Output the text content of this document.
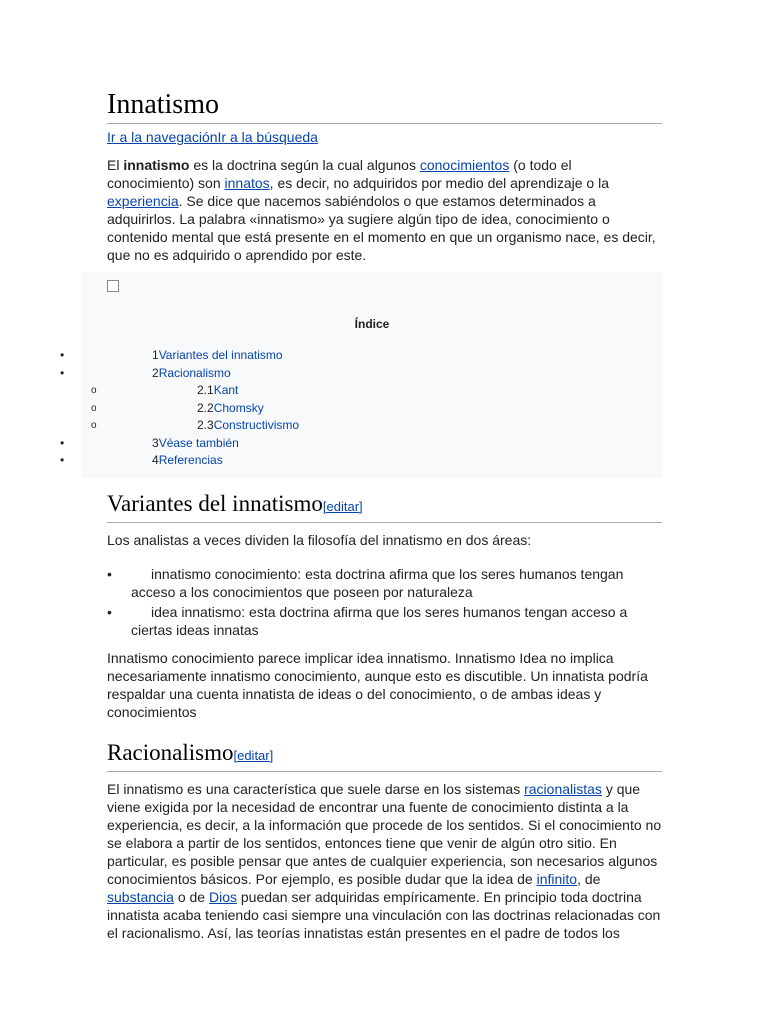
Innatismo
Ir a la navegaciónIr a la búsqueda

El innatismo es la doctrina según la cual algunos conocimientos (o todo el conocimiento) son innatos, es decir, no adquiridos por medio del aprendizaje o la experiencia. Se dice que nacemos sabiéndolos o que estamos determinados a adquirirlos. La palabra «innatismo» ya sugiere algún tipo de idea, conocimiento o contenido mental que está presente en el momento en que un organismo nace, es decir, que no es adquirido o aprendido por este.

Índice
•	1Variantes del innatismo
•	2Racionalismo
o	2.1Kant
o	2.2Chomsky
o	2.3Constructivismo
•	3Véase también
•	4Referencias
Variantes del innatismo[editar]

Los analistas a veces dividen la filosofía del innatismo en dos áreas:

•	innatismo conocimiento: esta doctrina afirma que los seres humanos tengan acceso a los conocimientos que poseen por naturaleza
•	idea innatismo: esta doctrina afirma que los seres humanos tengan acceso a ciertas ideas innatas

Innatismo conocimiento parece implicar idea innatismo. Innatismo Idea no implica necesariamente innatismo conocimiento, aunque esto es discutible. Un innatista podría respaldar una cuenta innatista de ideas o del conocimiento, o de ambas ideas y conocimientos

Racionalismo[editar]

El innatismo es una característica que suele darse en los sistemas racionalistas y que viene exigida por la necesidad de encontrar una fuente de conocimiento distinta a la experiencia, es decir, a la información que procede de los sentidos. Si el conocimiento no se elabora a partir de los sentidos, entonces tiene que venir de algún otro sitio. En particular, es posible pensar que antes de cualquier experiencia, son necesarios algunos conocimientos básicos. Por ejemplo, es posible dudar que la idea de infinito, de substancia o de Dios puedan ser adquiridas empíricamente. En principio toda doctrina innatista acaba teniendo casi siempre una vinculación con las doctrinas relacionadas con el racionalismo. Así, las teorías innatistas están presentes en el padre de todos los
